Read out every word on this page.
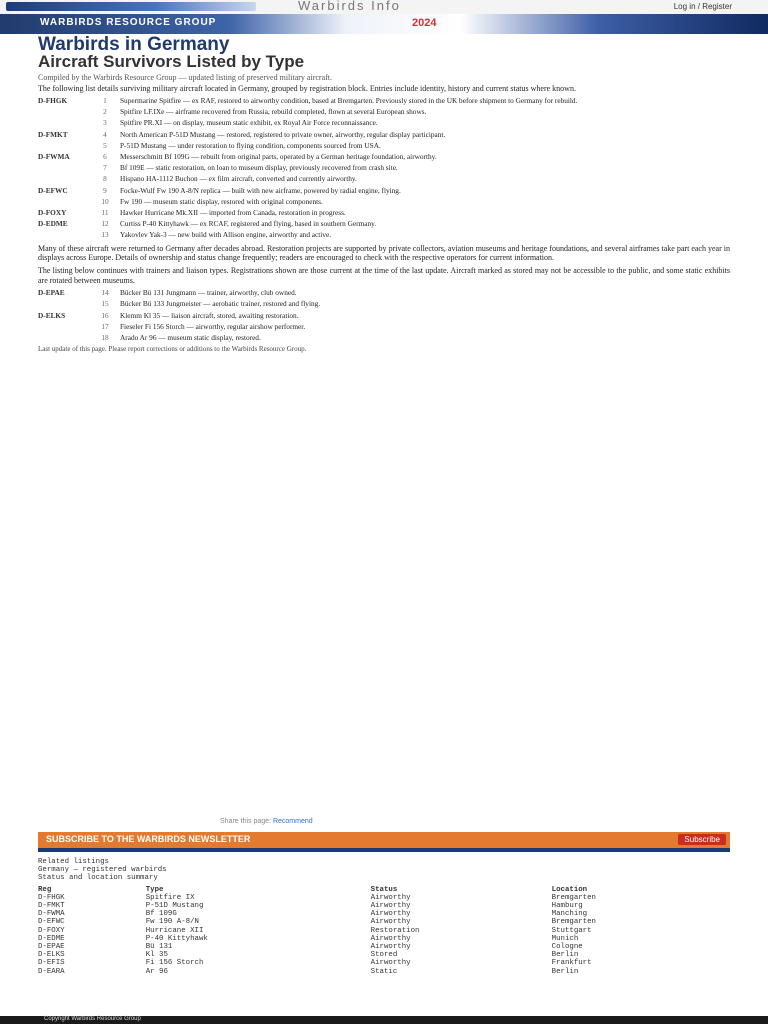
Warbirds Info	Log in / Register
WARBIRDS RESOURCE GROUP	2024
Warbirds in Germany
Aircraft Survivors Listed by Type

Compiled by the Warbirds Resource Group — updated listing of preserved military aircraft.

The following list details surviving military aircraft located in Germany, grouped by registration block. Entries include identity, history and current status where known.

D-FHGK	1	Supermarine Spitfire — ex RAF, restored to airworthy condition, based at Bremgarten. Previously stored in the UK before shipment to Germany for rebuild.
2	Spitfire LF.IXe — airframe recovered from Russia, rebuild completed, flown at several European shows.
3	Spitfire PR.XI — on display, museum static exhibit, ex Royal Air Force reconnaissance.
D-FMKT	4	North American P-51D Mustang — restored, registered to private owner, airworthy, regular display participant.
5	P-51D Mustang — under restoration to flying condition, components sourced from USA.
D-FWMA	6	Messerschmitt Bf 109G — rebuilt from original parts, operated by a German heritage foundation, airworthy.
7	Bf 109E — static restoration, on loan to museum display, previously recovered from crash site.
8	Hispano HA-1112 Buchon — ex film aircraft, converted and currently airworthy.
D-EFWC	9	Focke-Wulf Fw 190 A-8/N replica — built with new airframe, powered by radial engine, flying.
10	Fw 190 — museum static display, restored with original components.
D-FOXY	11	Hawker Hurricane Mk.XII — imported from Canada, restoration in progress.
D-EDME	12	Curtiss P-40 Kittyhawk — ex RCAF, registered and flying, based in southern Germany.
13	Yakovlev Yak-3 — new build with Allison engine, airworthy and active.

Many of these aircraft were returned to Germany after decades abroad. Restoration projects are supported by private collectors, aviation museums and heritage foundations, and several airframes take part each year in displays across Europe. Details of ownership and status change frequently; readers are encouraged to check with the respective operators for current information.

The listing below continues with trainers and liaison types. Registrations shown are those current at the time of the last update. Aircraft marked as stored may not be accessible to the public, and some static exhibits are rotated between museums.

D-EPAE	14	Bücker Bü 131 Jungmann — trainer, airworthy, club owned.
15	Bücker Bü 133 Jungmeister — aerobatic trainer, restored and flying.
D-ELKS	16	Klemm Kl 35 — liaison aircraft, stored, awaiting restoration.
17	Fieseler Fi 156 Storch — airworthy, regular airshow performer.
18	Arado Ar 96 — museum static display, restored.

Last update of this page. Please report corrections or additions to the Warbirds Resource Group.

Share this page: Recommend
SUBSCRIBE TO THE WARBIRDS NEWSLETTER	Subscribe

Related listings

Germany — registered warbirds

Status and location summary

Reg	Type	Status	Location
D-FHGK	Spitfire IX	Airworthy	Bremgarten
D-FMKT	P-51D Mustang	Airworthy	Hamburg
D-FWMA	Bf 109G	Airworthy	Manching
D-EFWC	Fw 190 A-8/N	Airworthy	Bremgarten
D-FOXY	Hurricane XII	Restoration	Stuttgart
D-EDME	P-40 Kittyhawk	Airworthy	Munich
D-EPAE	Bü 131	Airworthy	Cologne
D-ELKS	Kl 35	Stored	Berlin
D-EFIS	Fi 156 Storch	Airworthy	Frankfurt
D-EARA	Ar 96	Static	Berlin
Copyright Warbirds Resource Group
